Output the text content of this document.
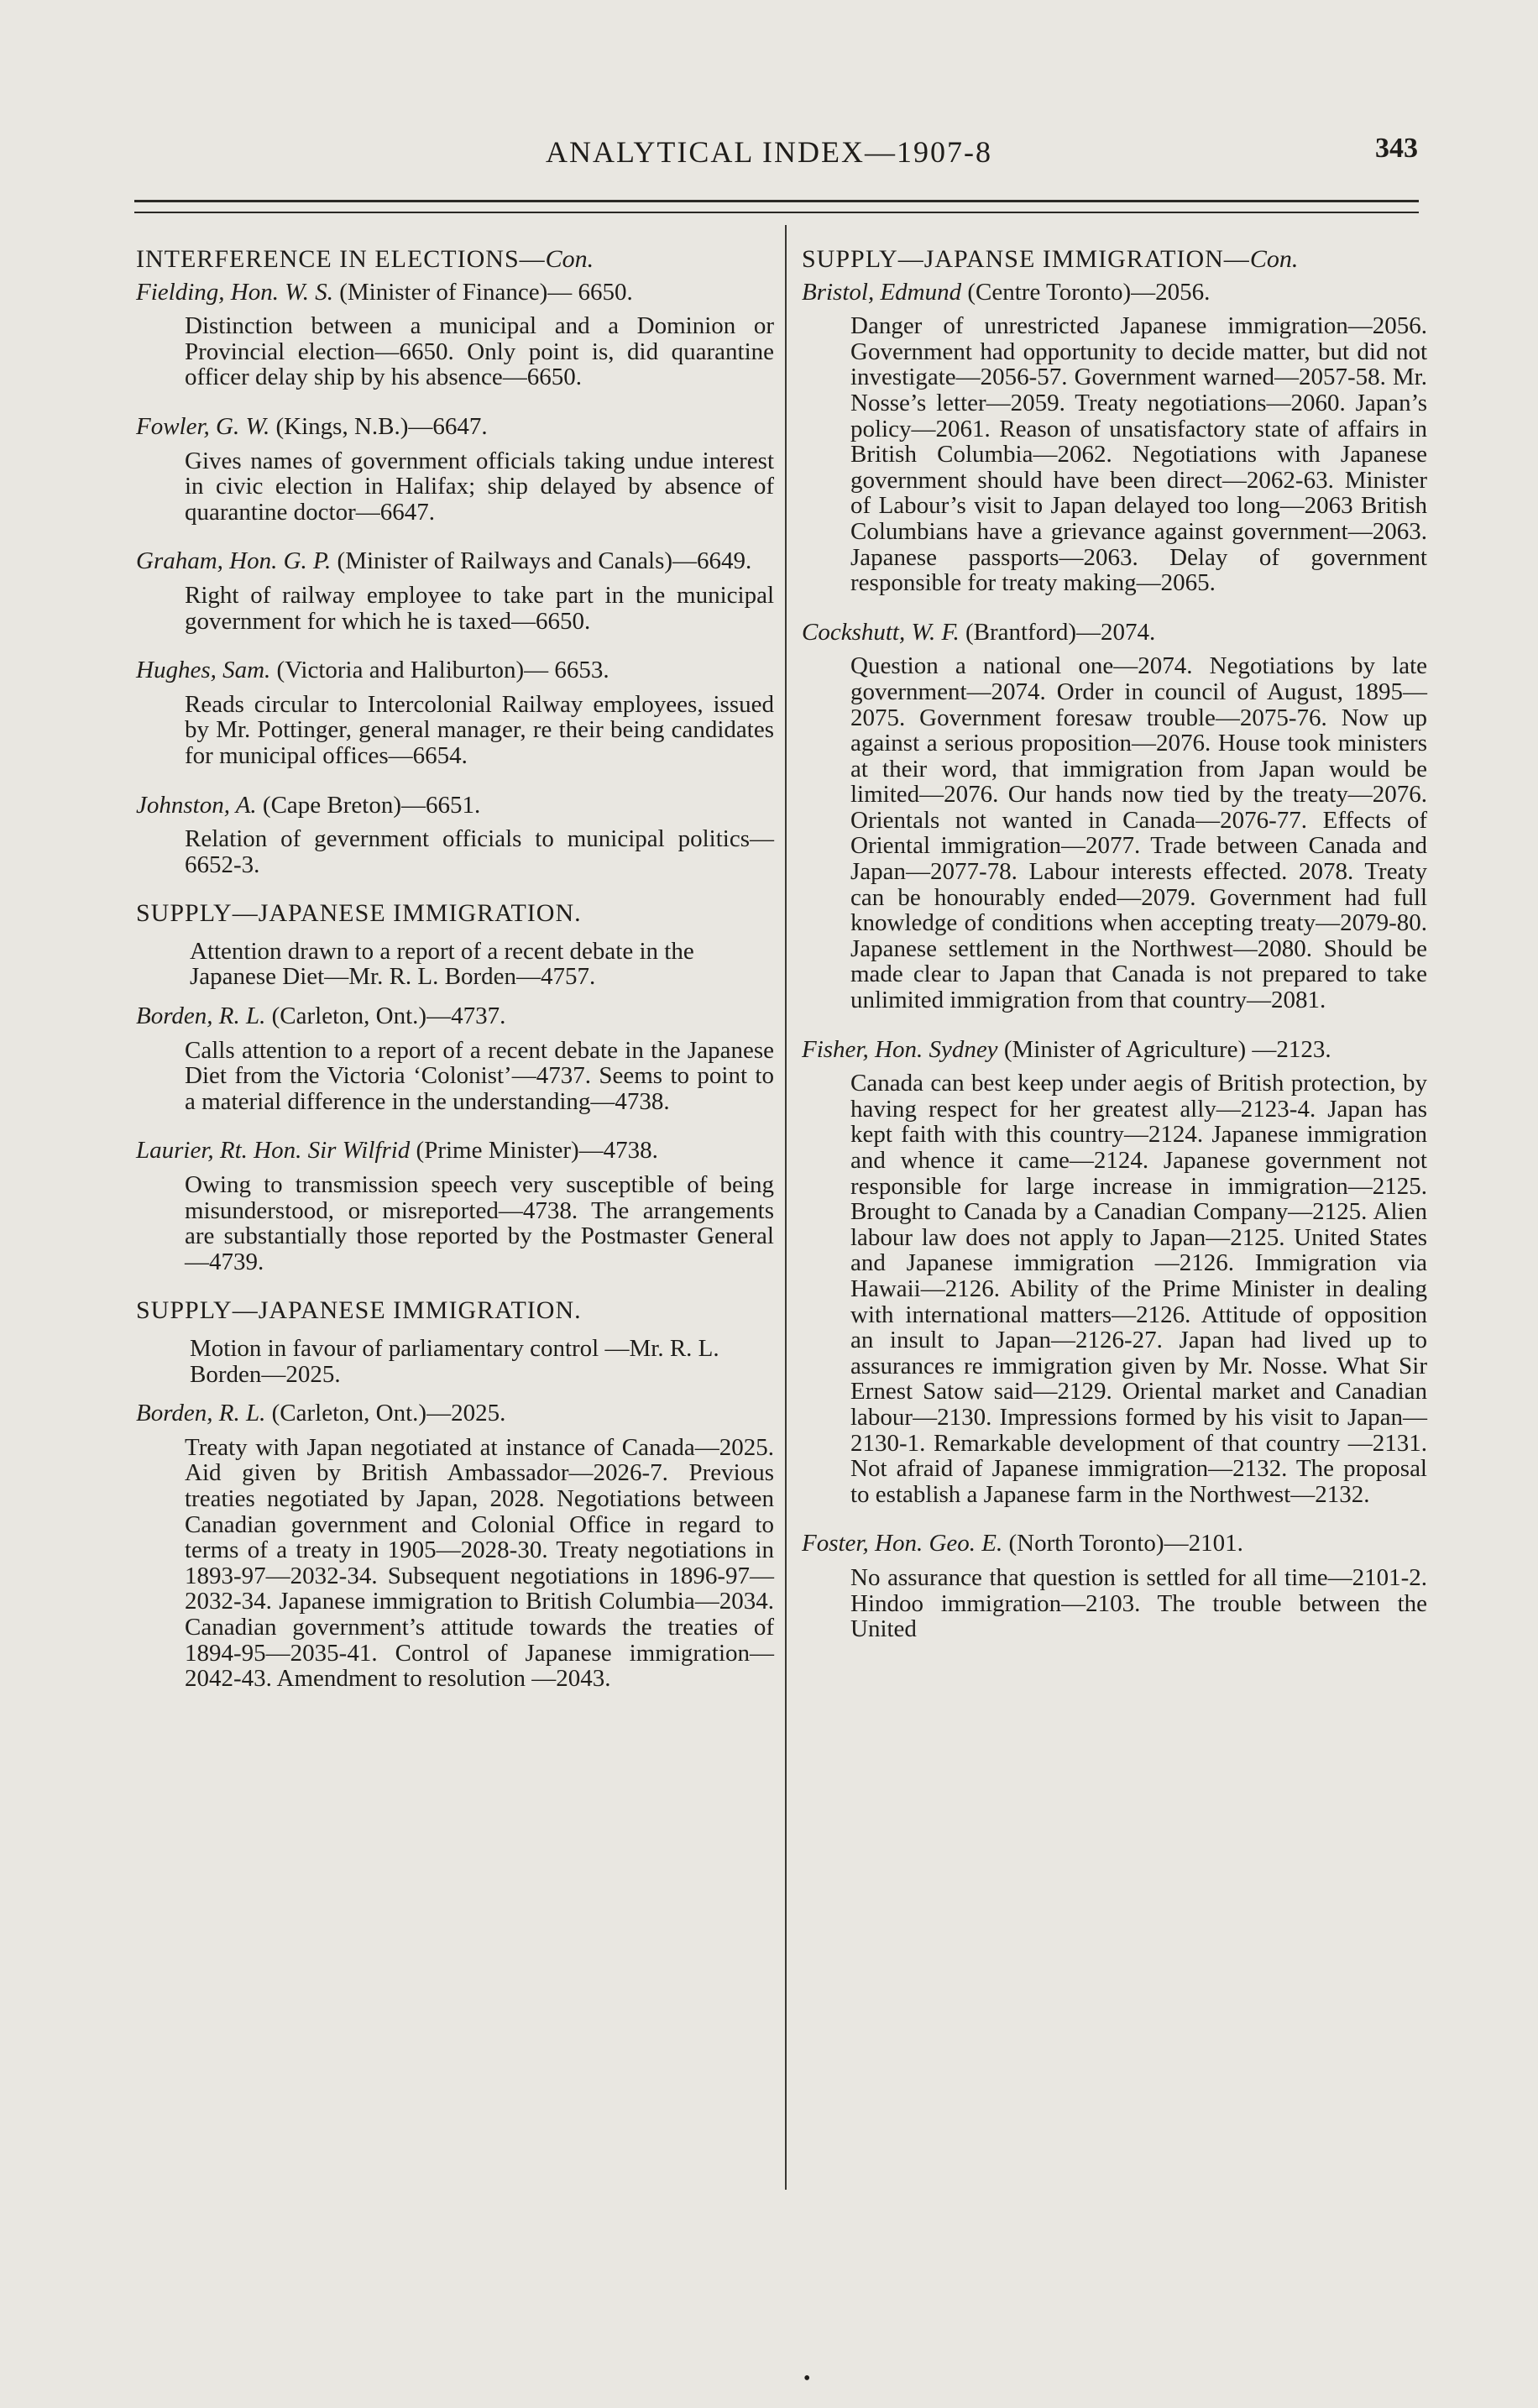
ANALYTICAL INDEX—1907-8	343
INTERFERENCE IN ELECTIONS—Con.

Fielding, Hon. W. S. (Minister of Finance)— 6650.

Distinction between a municipal and a Dominion or Provincial election—6650. Only point is, did quarantine officer delay ship by his absence—6650.

Fowler, G. W. (Kings, N.B.)—6647.

Gives names of government officials taking undue interest in civic election in Halifax; ship delayed by absence of quarantine doctor—6647.

Graham, Hon. G. P. (Minister of Railways and Canals)—6649.

Right of railway employee to take part in the municipal government for which he is taxed—6650.

Hughes, Sam. (Victoria and Haliburton)— 6653.

Reads circular to Intercolonial Railway employees, issued by Mr. Pottinger, general manager, re their being candidates for municipal offices—6654.

Johnston, A. (Cape Breton)—6651.

Relation of gevernment officials to municipal politics—6652-3.

SUPPLY—JAPANESE IMMIGRATION.

Attention drawn to a report of a recent debate in the Japanese Diet—Mr. R. L. Borden—4757.

Borden, R. L. (Carleton, Ont.)—4737.

Calls attention to a report of a recent debate in the Japanese Diet from the Victoria ‘Colonist’—4737. Seems to point to a material difference in the understanding—4738.

Laurier, Rt. Hon. Sir Wilfrid (Prime Minister)—4738.

Owing to transmission speech very susceptible of being misunderstood, or misreported—4738. The arrangements are substantially those reported by the Postmaster General—4739.

SUPPLY—JAPANESE IMMIGRATION.

Motion in favour of parliamentary control —Mr. R. L. Borden—2025.

Borden, R. L. (Carleton, Ont.)—2025.

Treaty with Japan negotiated at instance of Canada—2025. Aid given by British Ambassador—2026-7. Previous treaties negotiated by Japan, 2028. Negotiations between Canadian government and Colonial Office in regard to terms of a treaty in 1905—2028-30. Treaty negotiations in 1893-97—2032-34. Subsequent negotiations in 1896-97—2032-34. Japanese immigration to British Columbia—2034. Canadian government’s attitude towards the treaties of 1894-95—2035-41. Control of Japanese immigration—2042-43. Amendment to resolution —2043.

SUPPLY—JAPANSE IMMIGRATION—Con.

Bristol, Edmund (Centre Toronto)—2056.

Danger of unrestricted Japanese immigration—2056. Government had opportunity to decide matter, but did not investigate—2056-57. Government warned—2057-58. Mr. Nosse’s letter—2059. Treaty negotiations—2060. Japan’s policy—2061. Reason of unsatisfactory state of affairs in British Columbia—2062. Negotiations with Japanese government should have been direct—2062-63. Minister of Labour’s visit to Japan delayed too long—2063 British Columbians have a grievance against government—2063. Japanese passports—2063. Delay of government responsible for treaty making—2065.

Cockshutt, W. F. (Brantford)—2074.

Question a national one—2074. Negotiations by late government—2074. Order in council of August, 1895—2075. Government foresaw trouble—2075-76. Now up against a serious proposition—2076. House took ministers at their word, that immigration from Japan would be limited—2076. Our hands now tied by the treaty—2076. Orientals not wanted in Canada—2076-77. Effects of Oriental immigration—2077. Trade between Canada and Japan—2077-78. Labour interests effected. 2078. Treaty can be honourably ended—2079. Government had full knowledge of conditions when accepting treaty—2079-80. Japanese settlement in the Northwest—2080. Should be made clear to Japan that Canada is not prepared to take unlimited immigration from that country—2081.

Fisher, Hon. Sydney (Minister of Agriculture) —2123.

Canada can best keep under aegis of British protection, by having respect for her greatest ally—2123-4. Japan has kept faith with this country—2124. Japanese immigration and whence it came—2124. Japanese government not responsible for large increase in immigration—2125. Brought to Canada by a Canadian Company—2125. Alien labour law does not apply to Japan—2125. United States and Japanese immigration —2126. Immigration via Hawaii—2126. Ability of the Prime Minister in dealing with international matters—2126. Attitude of opposition an insult to Japan—2126-27. Japan had lived up to assurances re immigration given by Mr. Nosse. What Sir Ernest Satow said—2129. Oriental market and Canadian labour—2130. Impressions formed by his visit to Japan—2130-1. Remarkable development of that country —2131. Not afraid of Japanese immigration—2132. The proposal to establish a Japanese farm in the Northwest—2132.

Foster, Hon. Geo. E. (North Toronto)—2101.

No assurance that question is settled for all time—2101-2. Hindoo immigration—2103. The trouble between the United

•
